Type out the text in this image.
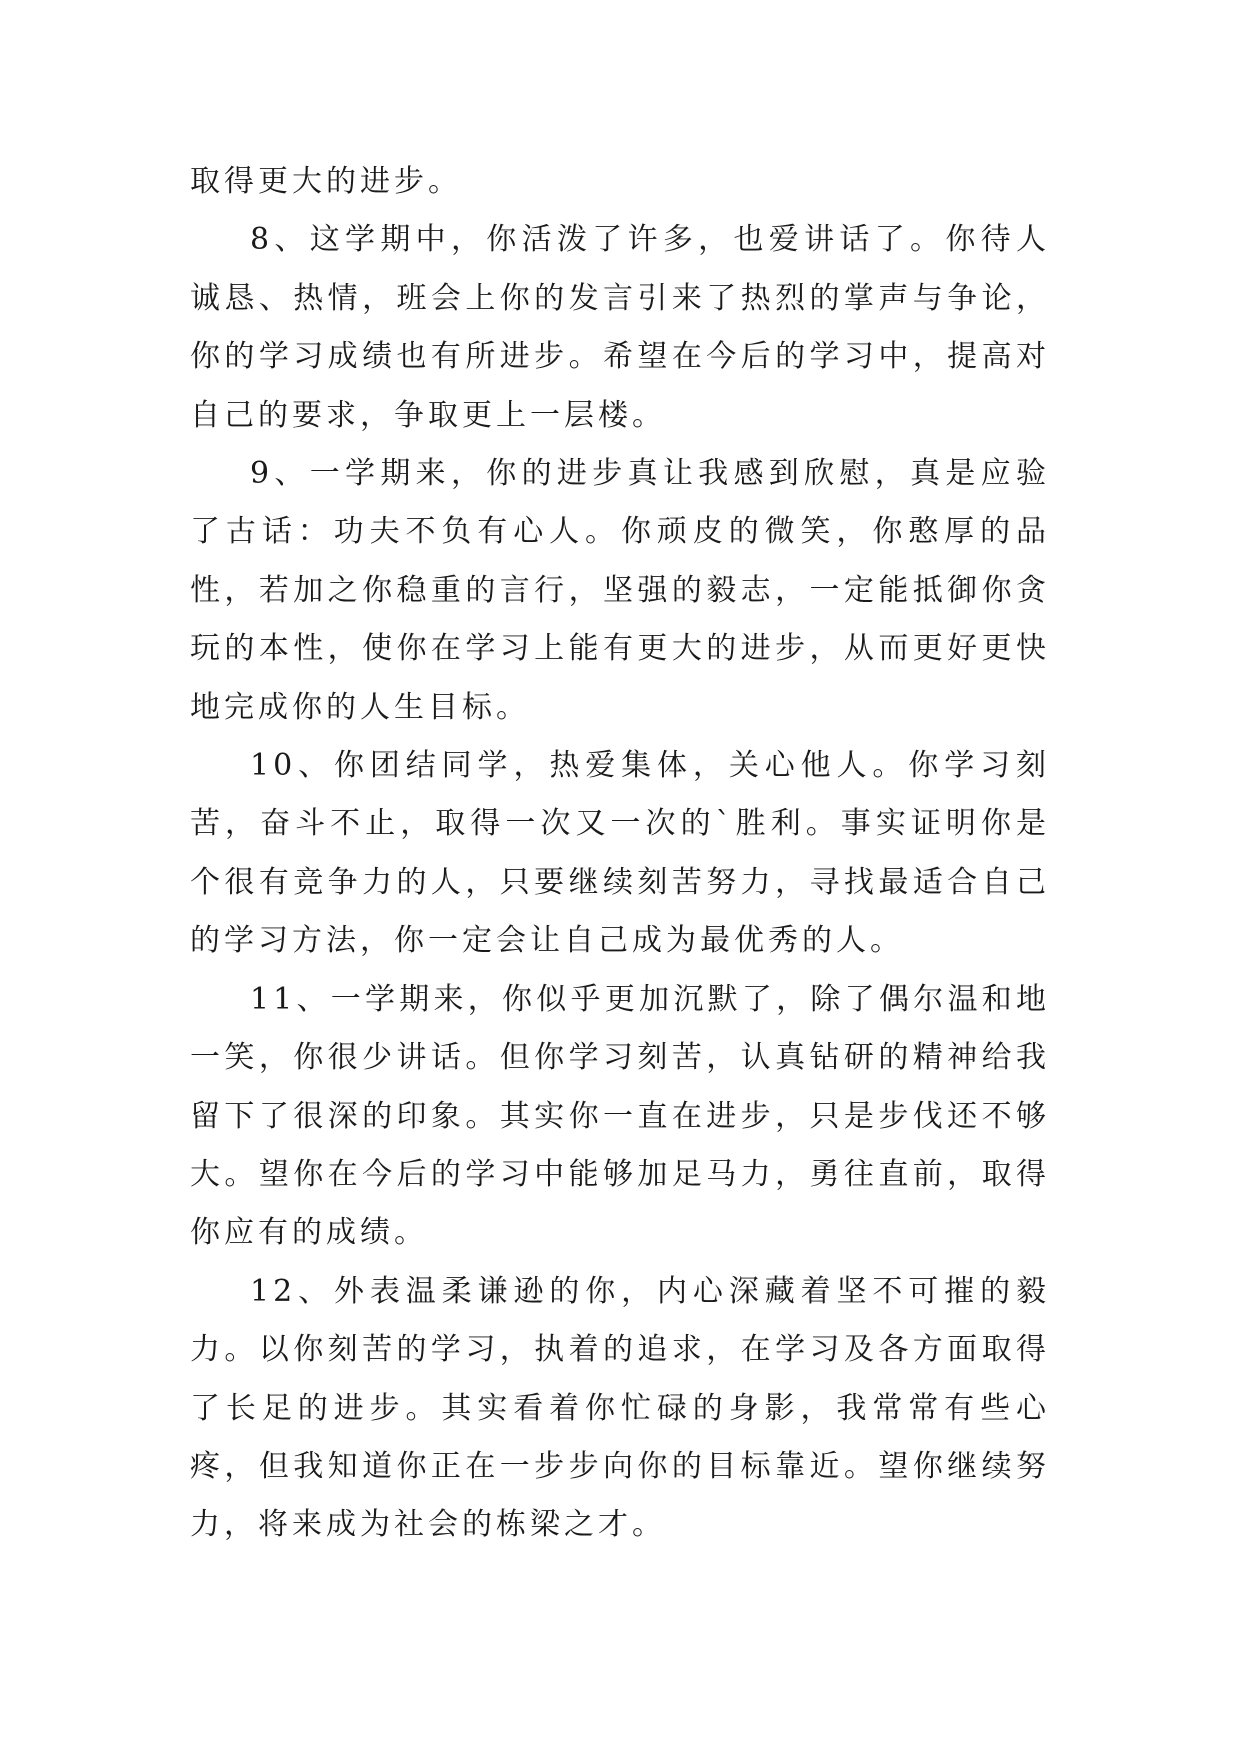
取得更大的进步。

8、这学期中，你活泼了许多，也爱讲话了。你待人诚恳、热情，班会上你的发言引来了热烈的掌声与争论，你的学习成绩也有所进步。希望在今后的学习中，提高对自己的要求，争取更上一层楼。

9、一学期来，你的进步真让我感到欣慰，真是应验了古话：功夫不负有心人。你顽皮的微笑，你憨厚的品性，若加之你稳重的言行，坚强的毅志，一定能抵御你贪玩的本性，使你在学习上能有更大的进步，从而更好更快地完成你的人生目标。

10、你团结同学，热爱集体，关心他人。你学习刻苦，奋斗不止，取得一次又一次的`胜利。事实证明你是个很有竞争力的人，只要继续刻苦努力，寻找最适合自己的学习方法，你一定会让自己成为最优秀的人。

11、一学期来，你似乎更加沉默了，除了偶尔温和地一笑，你很少讲话。但你学习刻苦，认真钻研的精神给我留下了很深的印象。其实你一直在进步，只是步伐还不够大。望你在今后的学习中能够加足马力，勇往直前，取得你应有的成绩。

12、外表温柔谦逊的你，内心深藏着坚不可摧的毅力。以你刻苦的学习，执着的追求，在学习及各方面取得了长足的进步。其实看着你忙碌的身影，我常常有些心疼，但我知道你正在一步步向你的目标靠近。望你继续努力，将来成为社会的栋梁之才。
